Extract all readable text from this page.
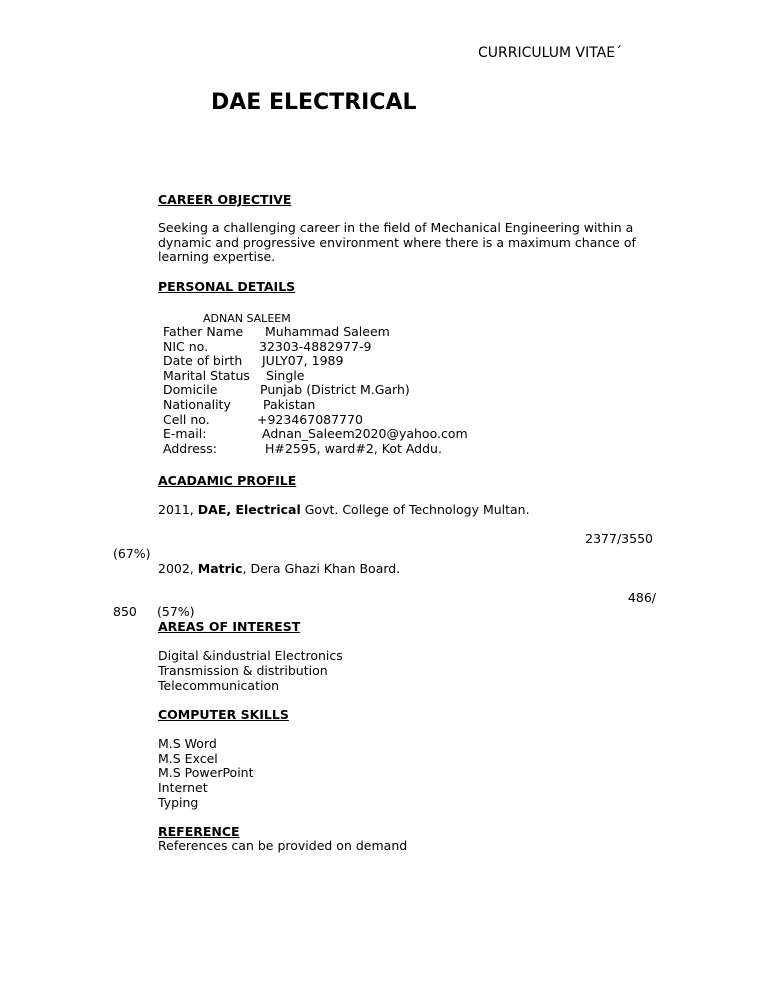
CURRICULUM VITAE´
DAE ELECTRICAL
CAREER OBJECTIVE
Seeking a challenging career in the field of Mechanical Engineering within a dynamic and progressive environment where there is a maximum chance of learning expertise.
PERSONAL DETAILS
ADNAN SALEEM
Father Name Muhammad Saleem
NIC no.	32303-4882977-9
Date of birth JULY07, 1989
Marital Status Single
Domicile	Punjab (District M.Garh)
Nationality	Pakistan
Cell no.	+923467087770
E-mail:	Adnan_Saleem2020@yahoo.com
Address:	H#2595, ward#2, Kot Addu.
ACADAMIC PROFILE
2011, DAE, Electrical Govt. College of Technology Multan.
2377/3550
(67%)
2002, Matric, Dera Ghazi Khan Board.
486/
850 (57%)
AREAS OF INTEREST
Digital &industrial Electronics
Transmission & distribution
Telecommunication
COMPUTER SKILLS
M.S Word
M.S Excel
M.S PowerPoint
Internet
Typing
REFERENCE
References can be provided on demand
